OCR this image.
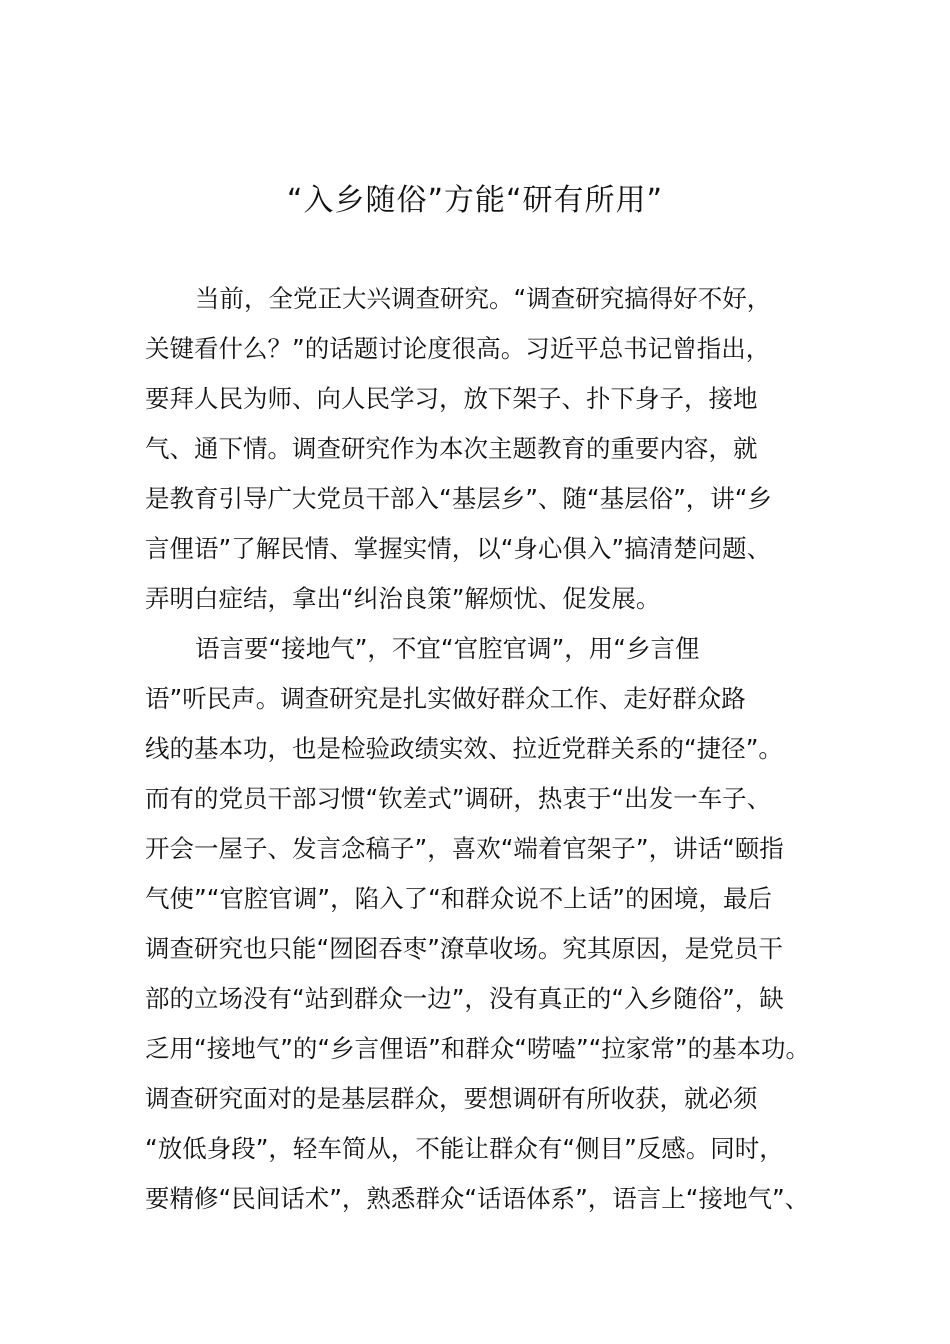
“入乡随俗”方能“研有所用”
当前，全党正大兴调查研究。“调查研究搞得好不好，
关键看什么？”的话题讨论度很高。习近平总书记曾指出，
要拜人民为师、向人民学习，放下架子、扑下身子，接地
气、通下情。调查研究作为本次主题教育的重要内容，就
是教育引导广大党员干部入“基层乡”、随“基层俗”，讲“乡
言俚语”了解民情、掌握实情，以“身心俱入”搞清楚问题、
弄明白症结，拿出“纠治良策”解烦忧、促发展。
语言要“接地气”，不宜“官腔官调”，用“乡言俚
语”听民声。调查研究是扎实做好群众工作、走好群众路
线的基本功，也是检验政绩实效、拉近党群关系的“捷径”。
而有的党员干部习惯“钦差式”调研，热衷于“出发一车子、
开会一屋子、发言念稿子”，喜欢“端着官架子”，讲话“颐指
气使”“官腔官调”，陷入了“和群众说不上话”的困境，最后
调查研究也只能“囫囵吞枣”潦草收场。究其原因，是党员干
部的立场没有“站到群众一边”，没有真正的“入乡随俗”，缺
乏用“接地气”的“乡言俚语”和群众“唠嗑”“拉家常”的基本功。
调查研究面对的是基层群众，要想调研有所收获，就必须
“放低身段”，轻车简从，不能让群众有“侧目”反感。同时，
要精修“民间话术”，熟悉群众“话语体系”，语言上“接地气”、
